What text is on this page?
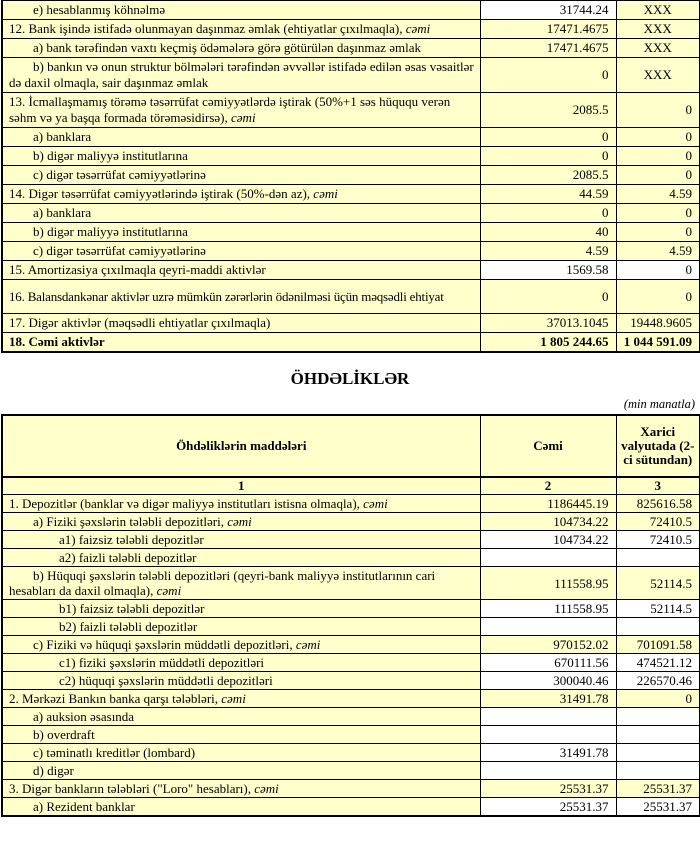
e) hesablanmış köhnəlmə	31744.24	XXX
12. Bank işində istifadə olunmayan daşınmaz əmlak (ehtiyatlar çıxılmaqla), cəmi	17471.4675	XXX
a) bank tərəfindən vaxtı keçmiş ödəmələrə görə götürülən daşınmaz əmlak	17471.4675	XXX
b) bankın və onun struktur bölmələri tərəfindən əvvəllər istifadə edilən əsas vəsaitlər də daxil olmaqla, sair daşınmaz əmlak	0	XXX
13. İcmallaşmamış törəmə təsərrüfat cəmiyyətlərdə iştirak (50%+1 səs hüququ verən səhm və ya başqa formada törəməsidirsə), cəmi	2085.5	0
a) banklara	0	0
b) digər maliyyə institutlarına	0	0
c) digər təsərrüfat cəmiyyətlərinə	2085.5	0
14. Digər təsərrüfat cəmiyyətlərində iştirak (50%-dən az), cəmi	44.59	4.59
a) banklara	0	0
b) digər maliyyə institutlarına	40	0
c) digər təsərrüfat cəmiyyətlərinə	4.59	4.59
15. Amortizasiya çıxılmaqla qeyri-maddi aktivlər	1569.58	0
16. Balansdankənar aktivlər uzrə mümkün zərərlərin ödənilməsi üçün məqsədli ehtiyat	0	0
17. Digər aktivlər (məqsədli ehtiyatlar çıxılmaqla)	37013.1045	19448.9605
18. Cəmi aktivlər	1 805 244.65	1 044 591.09
ÖHDƏLİKLƏR
(min manatla)
Öhdəliklərin maddələri	Cəmi	Xarici valyutada (2-ci sütundan)
1	2	3
1. Depozitlər (banklar və digər maliyyə institutları istisna olmaqla), cəmi	1186445.19	825616.58
a) Fiziki şəxslərin tələbli depozitləri, cəmi	104734.22	72410.5
a1) faizsiz tələbli depozitlər	104734.22	72410.5
a2) faizli tələbli depozitlər		
b) Hüquqi şəxslərin tələbli depozitləri (qeyri-bank maliyyə institutlarının cari hesabları da daxil olmaqla), cəmi	111558.95	52114.5
b1) faizsiz tələbli depozitlər	111558.95	52114.5
b2) faizli tələbli depozitlər		
c) Fiziki və hüquqi şəxslərin müddətli depozitləri, cəmi	970152.02	701091.58
c1) fiziki şəxslərin müddətli depozitləri	670111.56	474521.12
c2) hüquqi şəxslərin müddətli depozitləri	300040.46	226570.46
2. Mərkəzi Bankın banka qarşı tələbləri, cəmi	31491.78	0
a) auksion əsasında		
b) overdraft		
c) təminatlı kreditlər (lombard)	31491.78	
d) digər		
3. Digər bankların tələbləri ("Loro" hesabları), cəmi	25531.37	25531.37
a) Rezident banklar	25531.37	25531.37
